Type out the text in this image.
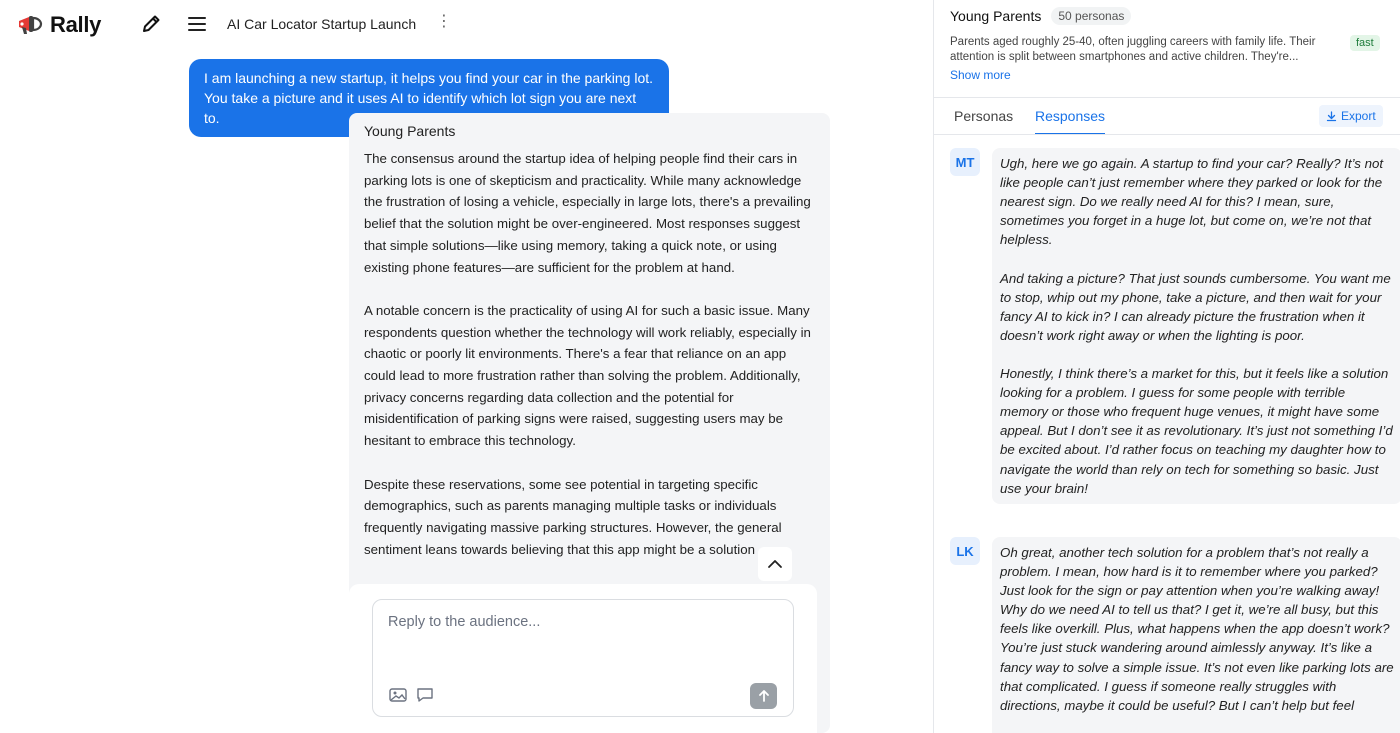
Rally	AI Car Locator Startup Launch ⋮
I am launching a new startup, it helps you find your car in the parking lot. You take a picture and it uses AI to identify which lot sign you are next to.
Young Parents

The consensus around the startup idea of helping people find their cars in parking lots is one of skepticism and practicality. While many acknowledge the frustration of losing a vehicle, especially in large lots, there's a prevailing belief that the solution might be over-engineered. Most responses suggest that simple solutions—like using memory, taking a quick note, or using existing phone features—are sufficient for the problem at hand.

A notable concern is the practicality of using AI for such a basic issue. Many respondents question whether the technology will work reliably, especially in chaotic or poorly lit environments. There's a fear that reliance on an app could lead to more frustration rather than solving the problem. Additionally, privacy concerns regarding data collection and the potential for misidentification of parking signs were raised, suggesting users may be hesitant to embrace this technology.

Despite these reservations, some see potential in targeting specific demographics, such as parents managing multiple tasks or individuals frequently navigating massive parking structures. However, the general sentiment leans towards believing that this app might be a solution

Reply to the audience...
Young Parents	50 personas
Parents aged roughly 25-40, often juggling careers with family life. Their attention is split between smartphones and active children. They're...
fast
Show more
Personas Responses	Export
MT	Ugh, here we go again. A startup to find your car? Really? It’s not like people can’t just remember where they parked or look for the nearest sign. Do we really need AI for this? I mean, sure, sometimes you forget in a huge lot, but come on, we’re not that helpless.

And taking a picture? That just sounds cumbersome. You want me to stop, whip out my phone, take a picture, and then wait for your fancy AI to kick in? I can already picture the frustration when it doesn’t work right away or when the lighting is poor.

Honestly, I think there’s a market for this, but it feels like a solution looking for a problem. I guess for some people with terrible memory or those who frequent huge venues, it might have some appeal. But I don’t see it as revolutionary. It’s just not something I’d be excited about. I’d rather focus on teaching my daughter how to navigate the world than rely on tech for something so basic. Just use your brain!

LK	Oh great, another tech solution for a problem that’s not really a problem. I mean, how hard is it to remember where you parked? Just look for the sign or pay attention when you’re walking away! Why do we need AI to tell us that? I get it, we’re all busy, but this feels like overkill. Plus, what happens when the app doesn’t work? You’re just stuck wandering around aimlessly anyway. It’s like a fancy way to solve a simple issue. It’s not even like parking lots are that complicated. I guess if someone really struggles with directions, maybe it could be useful? But I can’t help but feel
